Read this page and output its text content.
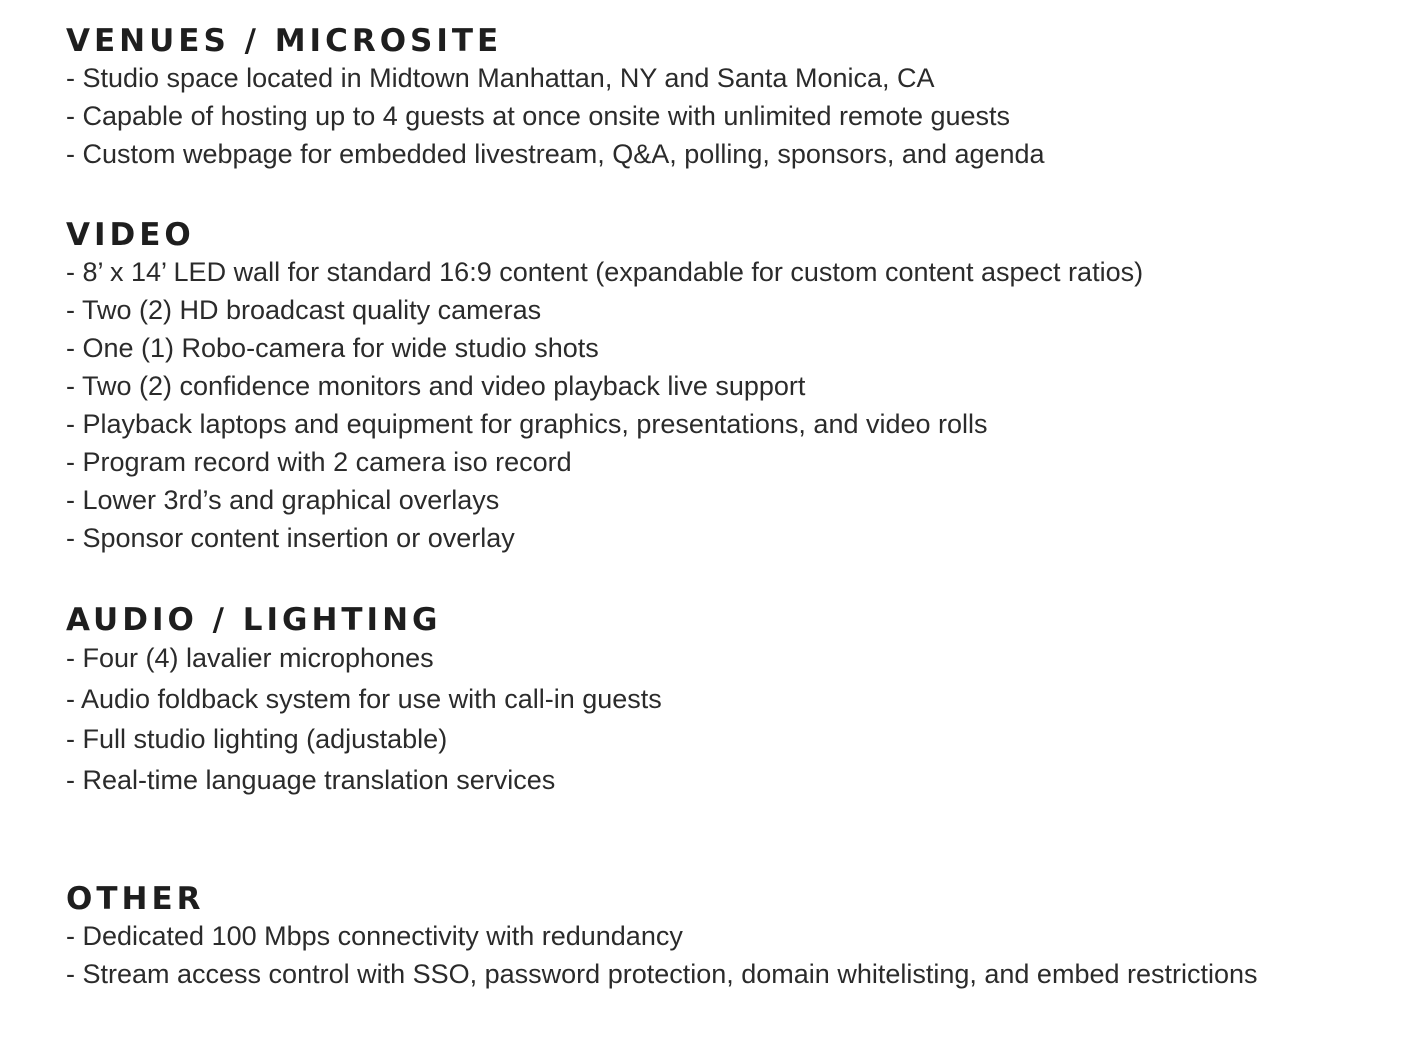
VENUES / MICROSITE
- Studio space located in Midtown Manhattan, NY and Santa Monica, CA
- Capable of hosting up to 4 guests at once onsite with unlimited remote guests
- Custom webpage for embedded livestream, Q&A, polling, sponsors, and agenda
VIDEO
- 8’ x 14’ LED wall for standard 16:9 content (expandable for custom content aspect ratios)
- Two (2) HD broadcast quality cameras
- One (1) Robo-camera for wide studio shots
- Two (2) confidence monitors and video playback live support
- Playback laptops and equipment for graphics, presentations, and video rolls
- Program record with 2 camera iso record
- Lower 3rd’s and graphical overlays
- Sponsor content insertion or overlay
AUDIO / LIGHTING
- Four (4) lavalier microphones
- Audio foldback system for use with call-in guests
- Full studio lighting (adjustable)
- Real-time language translation services
OTHER
- Dedicated 100 Mbps connectivity with redundancy
- Stream access control with SSO, password protection, domain whitelisting, and embed restrictions
